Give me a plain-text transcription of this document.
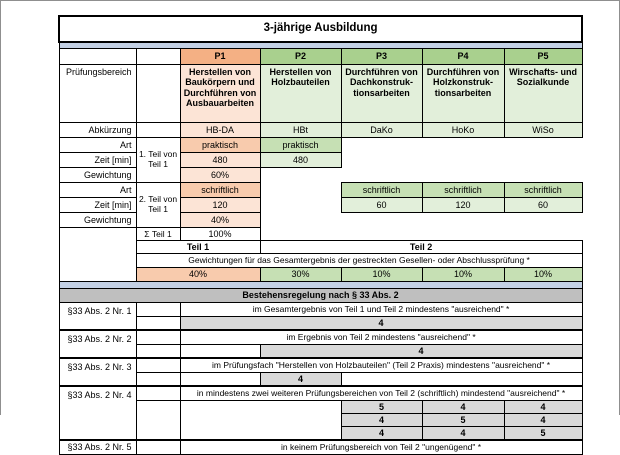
3-jährige Ausbildung						

		P1	P2	P3	P4	P5
Prüfungsbereich		Herstellen von Baukörpern und Durchführen von Ausbauarbeiten	Herstellen von Holzbauteilen	Durchführen von Dachkonstruktionsarbeiten	Durchführen von Holzkonstruktionsarbeiten	Wirschafts- und Sozialkunde
Abkürzung		HB-DA	HBt	DaKo	HoKo	WiSo
Art	1. Teil von Teil 1	praktisch	praktisch			
Zeit [min]		480	480			
Gewichtung		60%				
Art	2. Teil von Teil 1	schriftlich		schriftlich	schriftlich	schriftlich
Zeit [min]		120		60	120	60
Gewichtung		40%				
	Σ Teil 1	100%				
	Teil 1		Teil 2			
	Gewichtungen für das Gesamtergebnis der gestreckten Gesellen- oder Abschlussprüfung *					
	40%		30%	10%	10%	10%

Bestehensregelung nach § 33 Abs. 2						
§33 Abs. 2 Nr. 1		im Gesamtergebnis von Teil 1 und Teil 2 mindestens "ausreichend" *				
		4				
§33 Abs. 2 Nr. 2		im Ergebnis von Teil 2 mindestens "ausreichend" *				
			4			
§33 Abs. 2 Nr. 3		im Prüfungsfach "Herstellen von Holzbauteilen" (Teil 2 Praxis) mindestens "ausreichend" *				
			4			
§33 Abs. 2 Nr. 4		in mindestens zwei weiteren Prüfungsbereichen von Teil 2 (schriftlich) mindestend "ausreichend" *				
				5	4	4
				4	5	4
				4	4	5
§33 Abs. 2 Nr. 5		in keinem Prüfungsbereich von Teil 2 "ungenügend" *				
